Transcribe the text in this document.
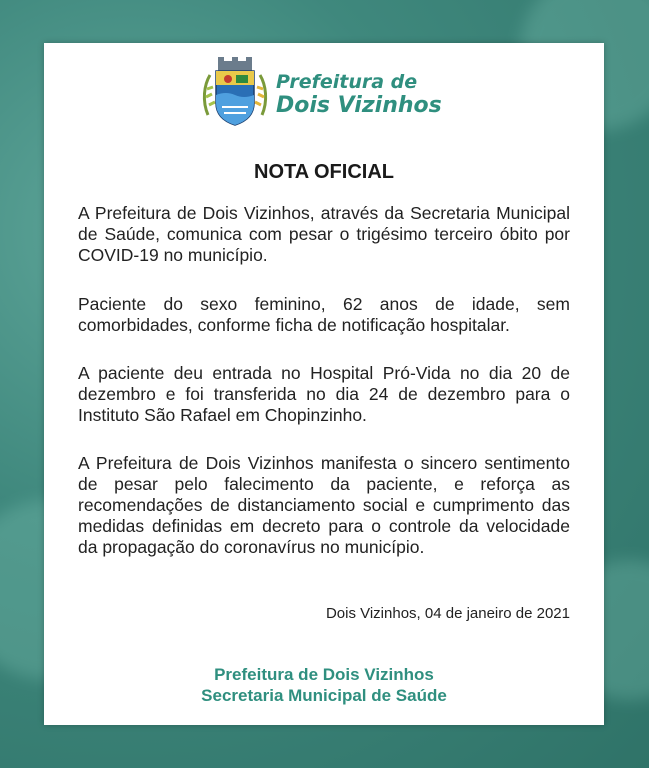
Prefeitura de
Dois Vizinhos
NOTA OFICIAL

A Prefeitura de Dois Vizinhos, através da Secretaria Municipal de Saúde, comunica com pesar o trigésimo terceiro óbito por COVID-19 no município.

Paciente do sexo feminino, 62 anos de idade, sem comorbidades, conforme ficha de notificação hospitalar.

A paciente deu entrada no Hospital Pró-Vida no dia 20 de dezembro e foi transferida no dia 24 de dezembro para o Instituto São Rafael em Chopinzinho.

A Prefeitura de Dois Vizinhos manifesta o sincero sentimento de pesar pelo falecimento da paciente, e reforça as recomendações de distanciamento social e cumprimento das medidas definidas em decreto para o controle da velocidade da propagação do coronavírus no município.

Dois Vizinhos, 04 de janeiro de 2021
Prefeitura de Dois Vizinhos
Secretaria Municipal de Saúde
